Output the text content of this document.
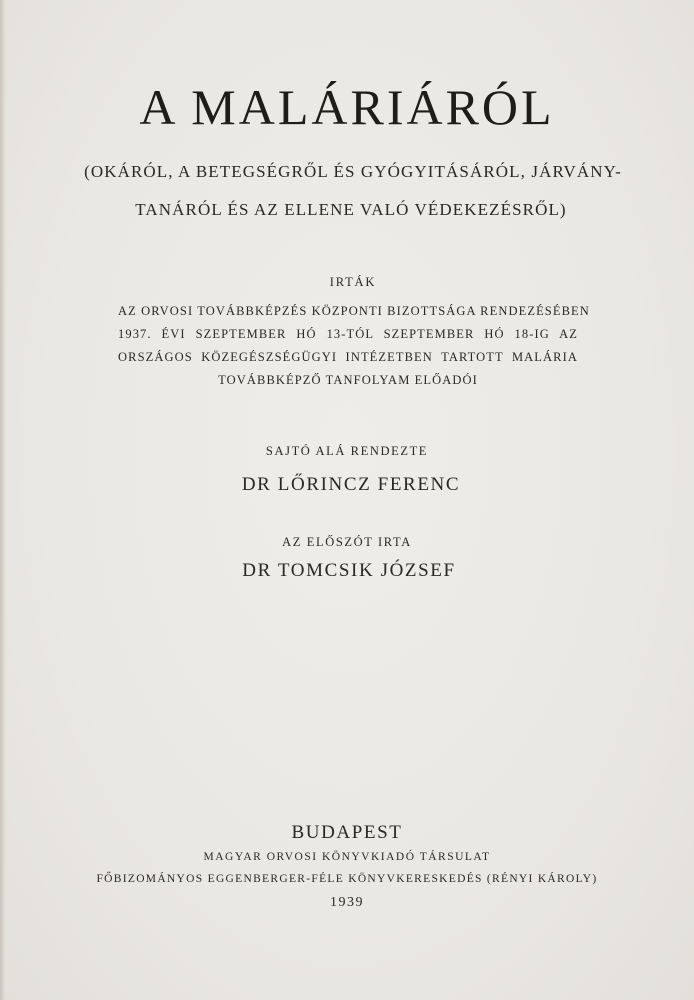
A MALÁRIÁRÓL
(OKÁRÓL, A BETEGSÉGRŐL ÉS GYÓGYITÁSÁRÓL, JÁRVÁNY-
TANÁRÓL ÉS AZ ELLENE VALÓ VÉDEKEZÉSRŐL)
IRTÁK
AZ ORVOSI TOVÁBBKÉPZÉS KÖZPONTI BIZOTTSÁGA RENDEZÉSÉBEN
1937. ÉVI SZEPTEMBER HÓ 13-TÓL SZEPTEMBER HÓ 18-IG AZ
ORSZÁGOS KÖZEGÉSZSÉGÜGYI INTÉZETBEN TARTOTT MALÁRIA
TOVÁBBKÉPZŐ TANFOLYAM ELŐADÓI
SAJTÓ ALÁ RENDEZTE
DR LŐRINCZ FERENC
AZ ELŐSZÓT IRTA
DR TOMCSIK JÓZSEF
BUDAPEST
MAGYAR ORVOSI KÖNYVKIADÓ TÁRSULAT
FŐBIZOMÁNYOS EGGENBERGER-FÉLE KÖNYVKERESKEDÉS (RÉNYI KÁROLY)
1939
